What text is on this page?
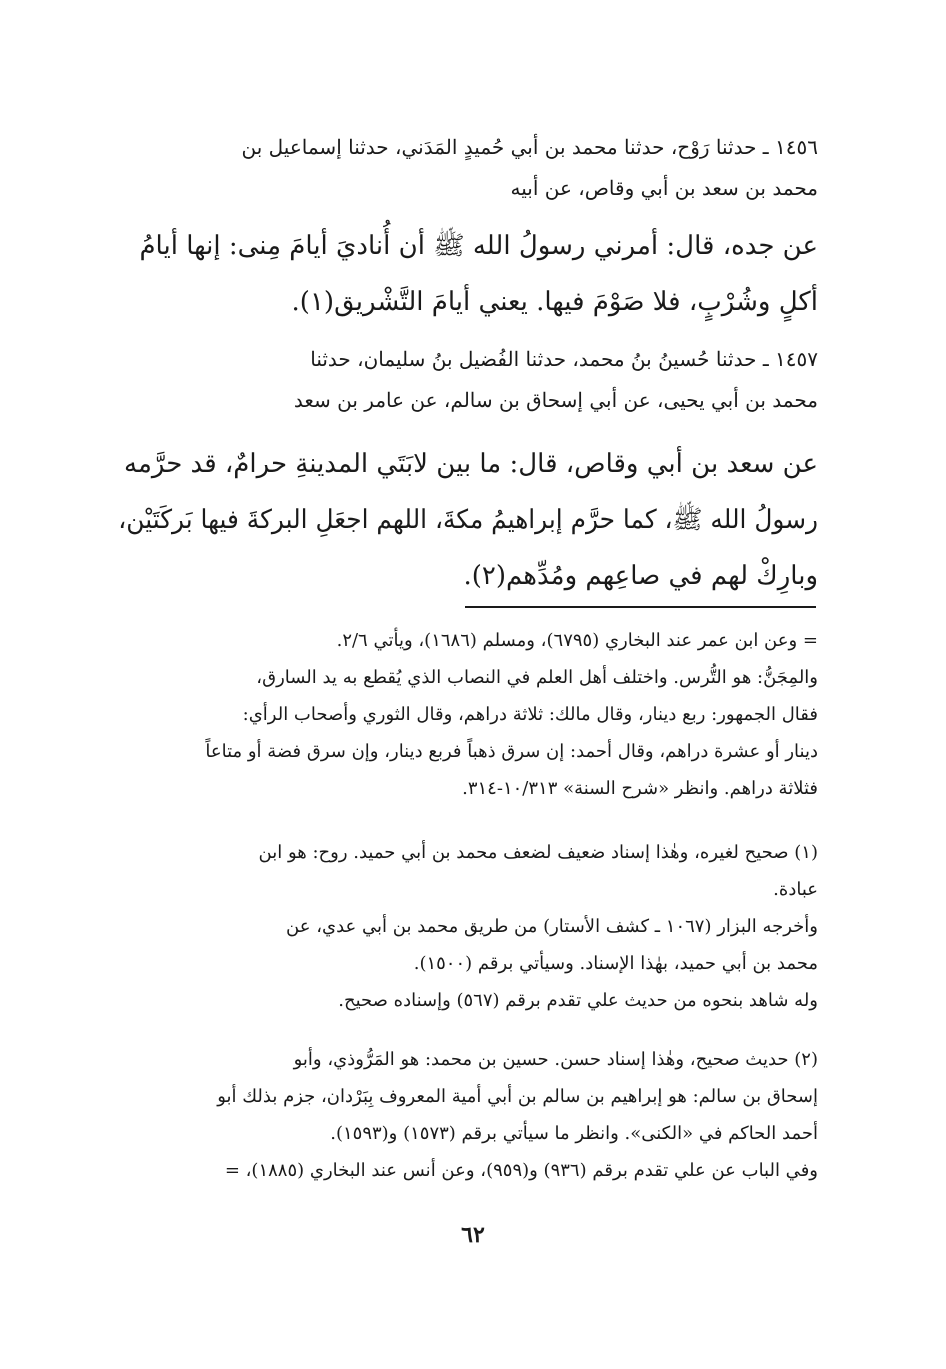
١٤٥٦ ـ حدثنا رَوْح، حدثنا محمد بن أبي حُميدٍ المَدَني، حدثنا إسماعيل بن
محمد بن سعد بن أبي وقاص، عن أبيه
عن جده، قال: أمرني رسولُ الله ﷺ أن أُناديَ أيامَ مِنى: إنها أيامُ
أكلٍ وشُرْبٍ، فلا صَوْمَ فيها. يعني أيامَ التَّشْريق(١).
١٤٥٧ ـ حدثنا حُسينُ بنُ محمد، حدثنا الفُضيل بنُ سليمان، حدثنا
محمد بن أبي يحيى، عن أبي إسحاق بن سالم، عن عامر بن سعد
عن سعد بن أبي وقاص، قال: ما بين لابَتَي المدينةِ حرامٌ، قد حرَّمه
رسولُ الله ﷺ، كما حرَّم إبراهيمُ مكةَ، اللهم اجعَلِ البركةَ فيها بَركَتَيْن،
وبارِكْ لهم في صاعِهم ومُدِّهم(٢).
= وعن ابن عمر عند البخاري (٦٧٩٥)، ومسلم (١٦٨٦)، ويأتي ٢/٦.
والمِجَنُّ: هو التُّرس. واختلف أهل العلم في النصاب الذي يُقطع به يد السارق،
فقال الجمهور: ربع دينار، وقال مالك: ثلاثة دراهم، وقال الثوري وأصحاب الرأي:
دينار أو عشرة دراهم، وقال أحمد: إن سرق ذهباً فربع دينار، وإن سرق فضة أو متاعاً
فثلاثة دراهم. وانظر «شرح السنة» ١٠/٣١٣-٣١٤.
(١) صحيح لغيره، وهٰذا إسناد ضعيف لضعف محمد بن أبي حميد. روح: هو ابن
عبادة.
وأخرجه البزار (١٠٦٧ ـ كشف الأستار) من طريق محمد بن أبي عدي، عن
محمد بن أبي حميد، بهٰذا الإسناد. وسيأتي برقم (١٥٠٠).
وله شاهد بنحوه من حديث علي تقدم برقم (٥٦٧) وإسناده صحيح.
(٢) حديث صحيح، وهٰذا إسناد حسن. حسين بن محمد: هو المَرُّوذي، وأبو
إسحاق بن سالم: هو إبراهيم بن سالم بن أبي أمية المعروف بِبَرْدان، جزم بذلك أبو
أحمد الحاكم في «الكنى». وانظر ما سيأتي برقم (١٥٧٣) و(١٥٩٣).
وفي الباب عن علي تقدم برقم (٩٣٦) و(٩٥٩)، وعن أنس عند البخاري (١٨٨٥)، =
٦٢
